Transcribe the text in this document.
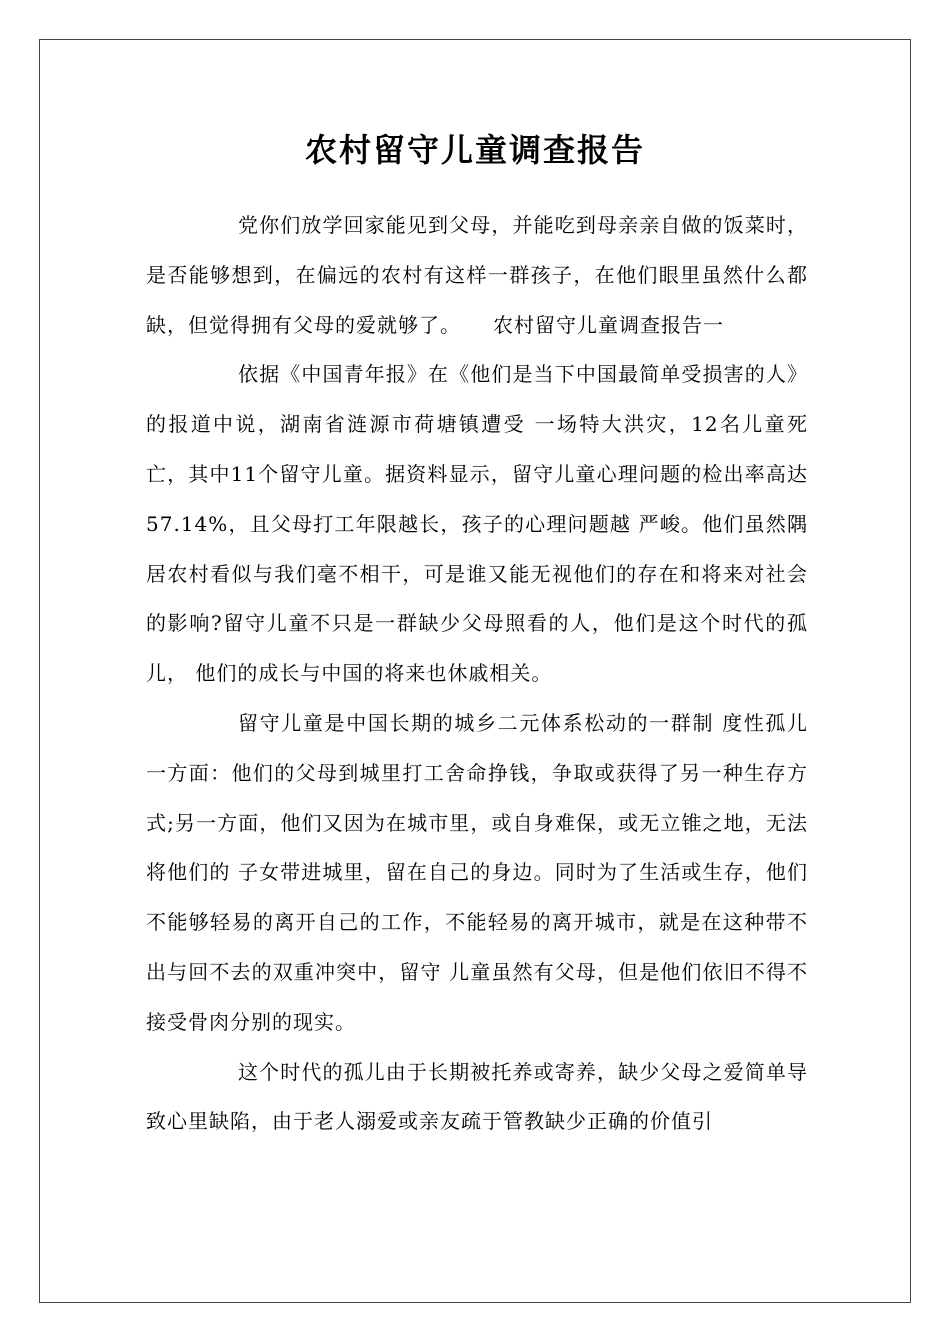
农村留守儿童调查报告

党你们放学回家能见到父母，并能吃到母亲亲自做的饭菜时，是否能够想到，在偏远的农村有这样一群孩子，在他们眼里虽然什么都缺，但觉得拥有父母的爱就够了。　　农村留守儿童调查报告一

依据《中国青年报》在《他们是当下中国最简单受损害的人》的报道中说，湖南省涟源市荷塘镇遭受 一场特大洪灾，12名儿童死亡，其中11个留守儿童。据资料显示，留守儿童心理问题的检出率高达57.14%，且父母打工年限越长，孩子的心理问题越 严峻。他们虽然隅居农村看似与我们毫不相干，可是谁又能无视他们的存在和将来对社会的影响?留守儿童不只是一群缺少父母照看的人，他们是这个时代的孤儿， 他们的成长与中国的将来也休戚相关。

留守儿童是中国长期的城乡二元体系松动的一群制 度性孤儿一方面：他们的父母到城里打工舍命挣钱，争取或获得了另一种生存方式;另一方面，他们又因为在城市里，或自身难保，或无立锥之地，无法将他们的 子女带进城里，留在自己的身边。同时为了生活或生存，他们不能够轻易的离开自己的工作，不能轻易的离开城市，就是在这种带不出与回不去的双重冲突中，留守 儿童虽然有父母，但是他们依旧不得不接受骨肉分别的现实。

这个时代的孤儿由于长期被托养或寄养，缺少父母之爱简单导致心里缺陷，由于老人溺爱或亲友疏于管教缺少正确的价值引
